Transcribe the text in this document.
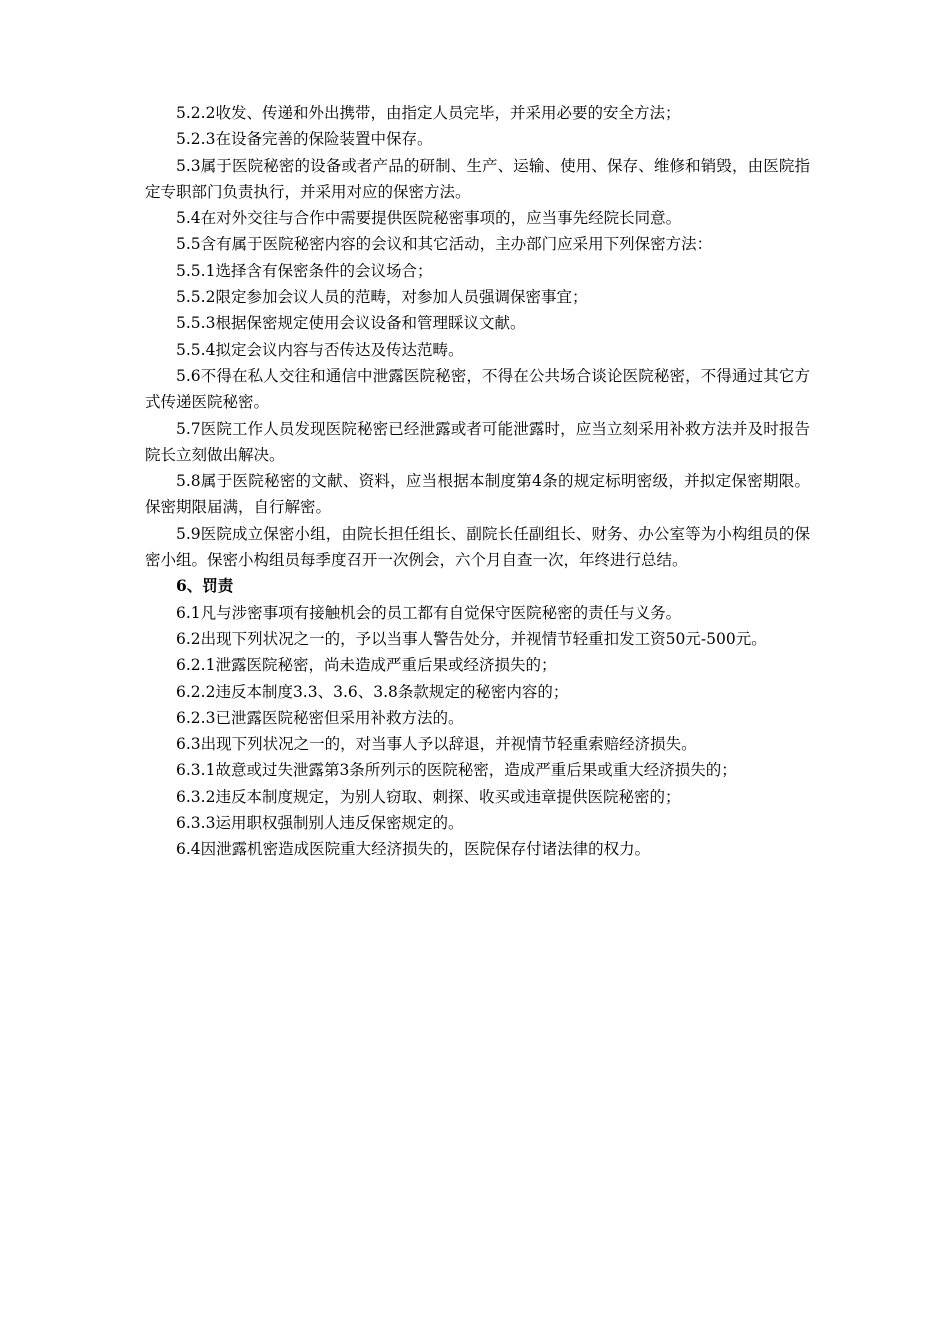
5.2.2收发、传递和外出携带，由指定人员完毕，并采用必要的安全方法；

5.2.3在设备完善的保险装置中保存。

5.3属于医院秘密的设备或者产品的研制、生产、运输、使用、保存、维修和销毁，由医院指定专职部门负责执行，并采用对应的保密方法。

5.4在对外交往与合作中需要提供医院秘密事项的，应当事先经院长同意。

5.5含有属于医院秘密内容的会议和其它活动，主办部门应采用下列保密方法：

5.5.1选择含有保密条件的会议场合；

5.5.2限定参加会议人员的范畴，对参加人员强调保密事宜；

5.5.3根据保密规定使用会议设备和管理睬议文献。

5.5.4拟定会议内容与否传达及传达范畴。

5.6不得在私人交往和通信中泄露医院秘密，不得在公共场合谈论医院秘密，不得通过其它方式传递医院秘密。

5.7医院工作人员发现医院秘密已经泄露或者可能泄露时，应当立刻采用补救方法并及时报告院长立刻做出解决。

5.8属于医院秘密的文献、资料，应当根据本制度第4条的规定标明密级，并拟定保密期限。保密期限届满，自行解密。

5.9医院成立保密小组，由院长担任组长、副院长任副组长、财务、办公室等为小构组员的保密小组。保密小构组员每季度召开一次例会，六个月自查一次，年终进行总结。

6、罚责

6.1凡与涉密事项有接触机会的员工都有自觉保守医院秘密的责任与义务。

6.2出现下列状况之一的，予以当事人警告处分，并视情节轻重扣发工资50元-500元。

6.2.1泄露医院秘密，尚未造成严重后果或经济损失的；

6.2.2违反本制度3.3、3.6、3.8条款规定的秘密内容的；

6.2.3已泄露医院秘密但采用补救方法的。

6.3出现下列状况之一的，对当事人予以辞退，并视情节轻重索赔经济损失。

6.3.1故意或过失泄露第3条所列示的医院秘密，造成严重后果或重大经济损失的；

6.3.2违反本制度规定，为别人窃取、刺探、收买或违章提供医院秘密的；

6.3.3运用职权强制别人违反保密规定的。

6.4因泄露机密造成医院重大经济损失的，医院保存付诸法律的权力。
